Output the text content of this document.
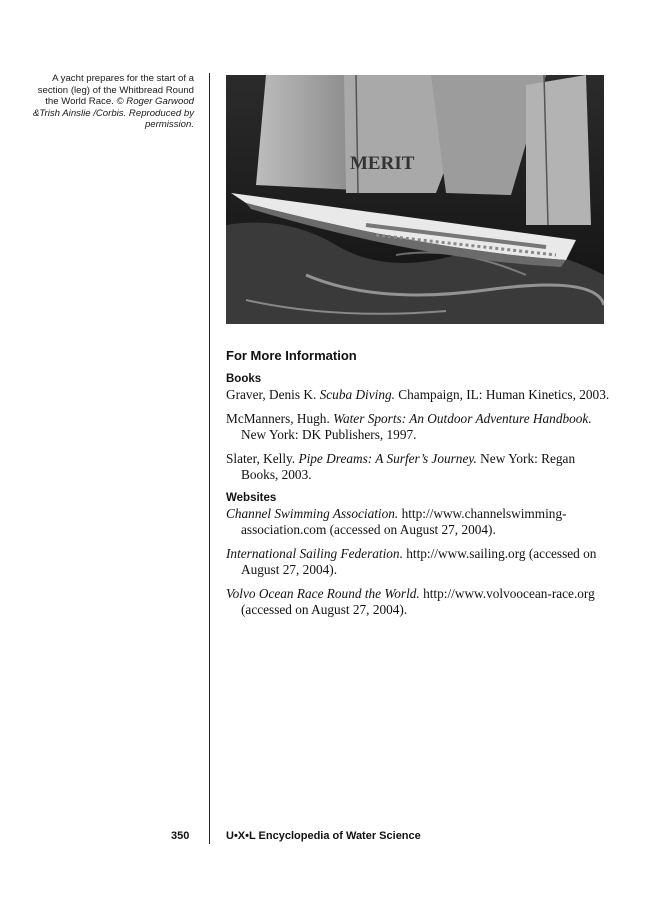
A yacht prepares for the start of a section (leg) of the Whitbread Round the World Race. © Roger Garwood &Trish Ainslie /Corbis. Reproduced by permission.
MERIT
For More Information
Books
Graver, Denis K. Scuba Diving. Champaign, IL: Human Kinetics, 2003.
McManners, Hugh. Water Sports: An Outdoor Adventure Handbook. New York: DK Publishers, 1997.
Slater, Kelly. Pipe Dreams: A Surfer’s Journey. New York: Regan Books, 2003.
Websites
Channel Swimming Association. http://www.channelswimming-association.com (accessed on August 27, 2004).
International Sailing Federation. http://www.sailing.org (accessed on August 27, 2004).
Volvo Ocean Race Round the World. http://www.volvoocean-race.org (accessed on August 27, 2004).
350	U•X•L Encyclopedia of Water Science
